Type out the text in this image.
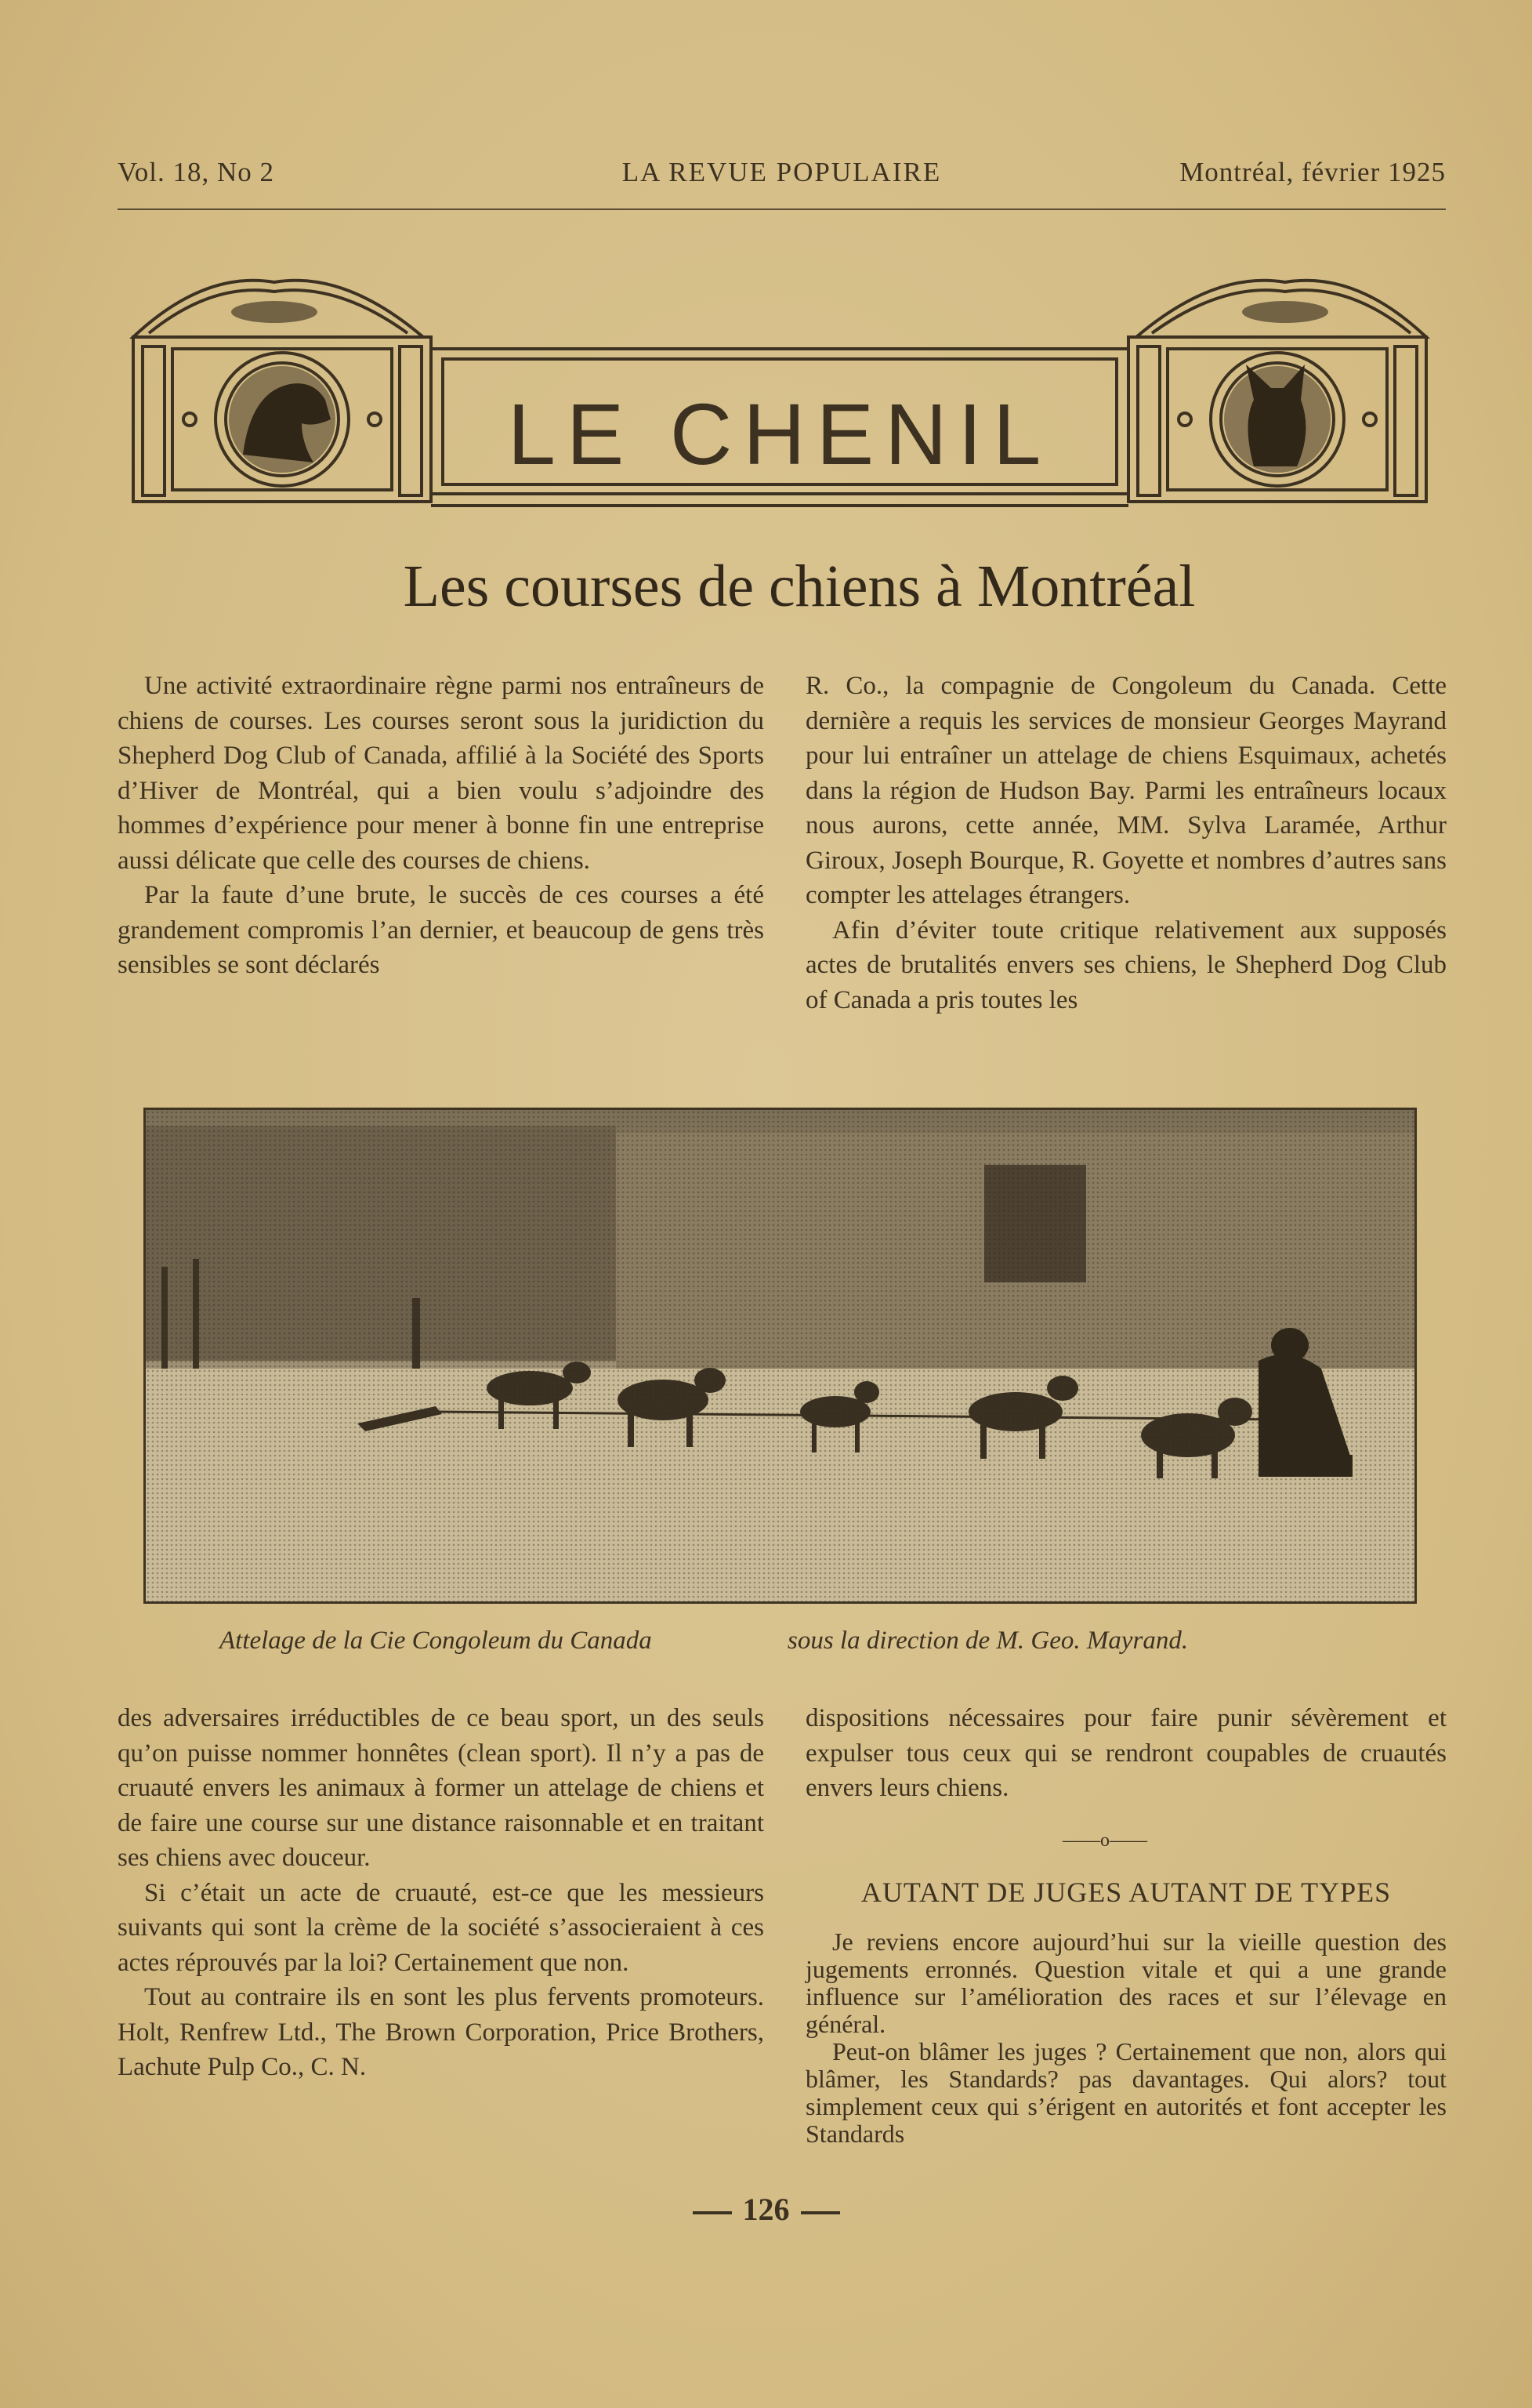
LA REVUE POPULAIRE
Vol. 18, No 2	Montréal, février 1925
LE CHENIL
Les courses de chiens à Montréal

Une activité extraordinaire règne parmi nos entraîneurs de chiens de courses. Les courses seront sous la juridiction du Shepherd Dog Club of Canada, affilié à la Société des Sports d’Hiver de Montréal, qui a bien voulu s’adjoindre des hommes d’expérience pour mener à bonne fin une entreprise aussi délicate que celle des courses de chiens.

Par la faute d’une brute, le succès de ces courses a été grandement compromis l’an dernier, et beaucoup de gens très sensibles se sont déclarés

R. Co., la compagnie de Congoleum du Canada. Cette dernière a requis les services de monsieur Georges Mayrand pour lui entraîner un attelage de chiens Esquimaux, achetés dans la région de Hudson Bay. Parmi les entraîneurs locaux nous aurons, cette année, MM. Sylva Laramée, Arthur Giroux, Joseph Bourque, R. Goyette et nombres d’autres sans compter les attelages étrangers.

Afin d’éviter toute critique relativement aux supposés actes de brutalités envers ses chiens, le Shepherd Dog Club of Canada a pris toutes les

Attelage de la Cie Congoleum du Canada	sous la direction de M. Geo. Mayrand.

des adversaires irréductibles de ce beau sport, un des seuls qu’on puisse nommer honnêtes (clean sport). Il n’y a pas de cruauté envers les animaux à former un attelage de chiens et de faire une course sur une distance raisonnable et en traitant ses chiens avec douceur.

Si c’était un acte de cruauté, est-ce que les messieurs suivants qui sont la crème de la société s’associeraient à ces actes réprouvés par la loi? Certainement que non.

Tout au contraire ils en sont les plus fervents promoteurs. Holt, Renfrew Ltd., The Brown Corporation, Price Brothers, Lachute Pulp Co., C. N.

dispositions nécessaires pour faire punir sévèrement et expulser tous ceux qui se rendront coupables de cruautés envers leurs chiens.

——o——
AUTANT DE JUGES AUTANT DE TYPES

Je reviens encore aujourd’hui sur la vieille question des jugements erronnés. Question vitale et qui a une grande influence sur l’amélioration des races et sur l’élevage en général.

Peut-on blâmer les juges ? Certainement que non, alors qui blâmer, les Standards? pas davantages. Qui alors? tout simplement ceux qui s’érigent en autorités et font accepter les Standards

126
